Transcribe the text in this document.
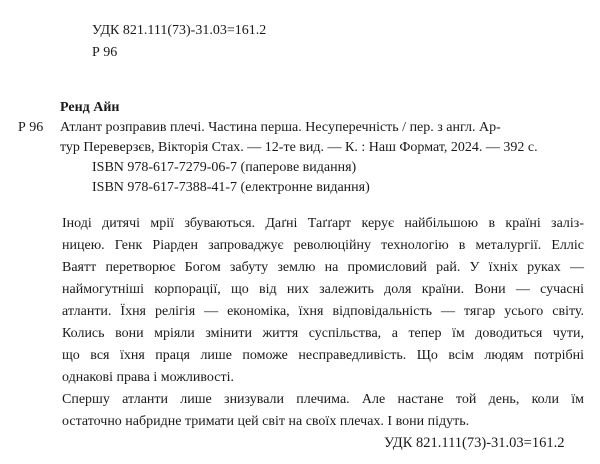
УДК 821.111(73)-31.03=161.2
Р 96
Ренд Айн
Р 96 Атлант розправив плечі. Частина перша. Несуперечність / пер. з англ. Ар-
тур Переверзєв, Вікторія Стах. — 12-те вид. — К. : Наш Формат, 2024. — 392 с.
ISBN 978-617-7279-06-7 (паперове видання)
ISBN 978-617-7388-41-7 (електронне видання)
Іноді дитячі мрії збуваються. Даґні Таґґарт керує найбільшою в країні заліз-
ницею. Генк Ріарден запроваджує революційну технологію в металургії. Елліс
Ваятт перетворює Богом забуту землю на промисловий рай. У їхніх руках —
наймогутніші корпорації, що від них залежить доля країни. Вони — сучасні
атланти. Їхня релігія — економіка, їхня відповідальність — тягар усього світу.
Колись вони мріяли змінити життя суспільства, а тепер їм доводиться чути,
що вся їхня праця лише поможе несправедливість. Що всім людям потрібні
однакові права і можливості.
Спершу атланти лише знизували плечима. Але настане той день, коли їм
остаточно набридне тримати цей світ на своїх плечах. І вони підуть.
УДК 821.111(73)-31.03=161.2
